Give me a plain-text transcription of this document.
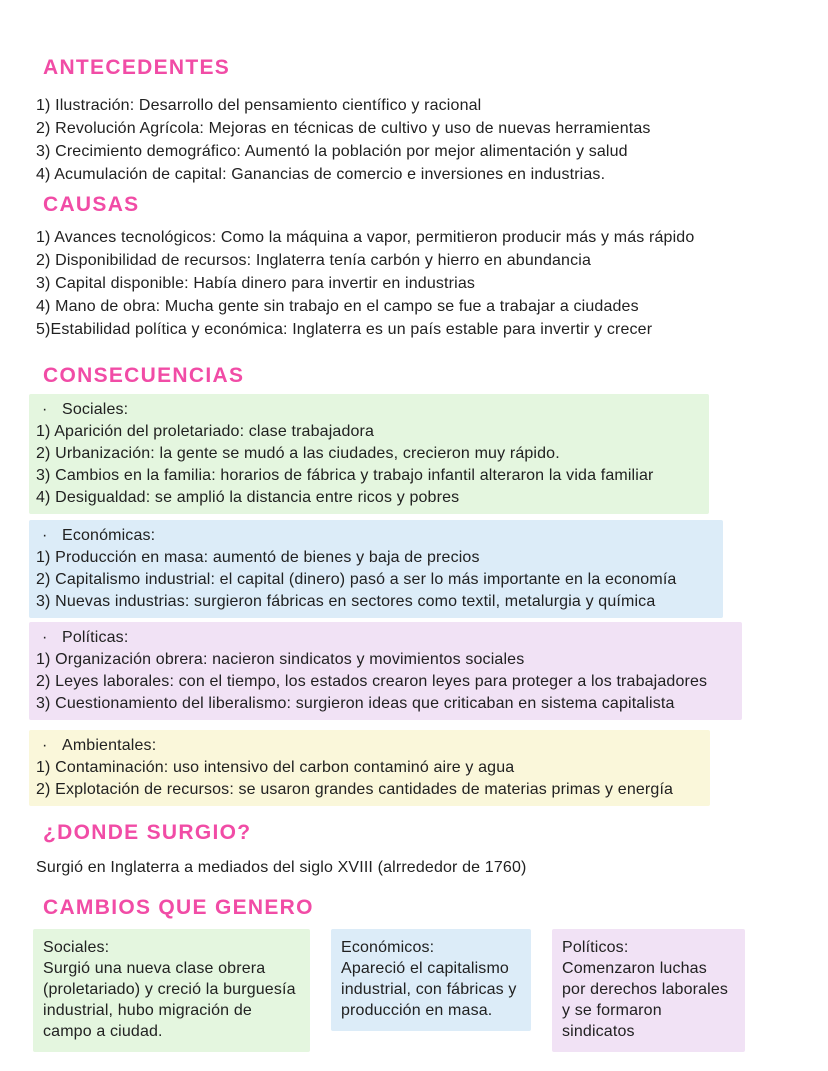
ANTECEDENTES
1) Ilustración: Desarrollo del pensamiento científico y racional
2) Revolución Agrícola: Mejoras en técnicas de cultivo y uso de nuevas herramientas
3) Crecimiento demográfico: Aumentó la población por mejor alimentación y salud
4) Acumulación de capital: Ganancias de comercio e inversiones en industrias.
CAUSAS
1) Avances tecnológicos: Como la máquina a vapor, permitieron producir más y más rápido
2) Disponibilidad de recursos: Inglaterra tenía carbón y hierro en abundancia
3) Capital disponible: Había dinero para invertir en industrias
4) Mano de obra: Mucha gente sin trabajo en el campo se fue a trabajar a ciudades
5)Estabilidad política y económica: Inglaterra es un país estable para invertir y crecer
CONSECUENCIAS
· Sociales:
1) Aparición del proletariado: clase trabajadora
2) Urbanización: la gente se mudó a las ciudades, crecieron muy rápido.
3) Cambios en la familia: horarios de fábrica y trabajo infantil alteraron la vida familiar
4) Desigualdad: se amplió la distancia entre ricos y pobres
· Económicas:
1) Producción en masa: aumentó de bienes y baja de precios
2) Capitalismo industrial: el capital (dinero) pasó a ser lo más importante en la economía
3) Nuevas industrias: surgieron fábricas en sectores como textil, metalurgia y química
· Políticas:
1) Organización obrera: nacieron sindicatos y movimientos sociales
2) Leyes laborales: con el tiempo, los estados crearon leyes para proteger a los trabajadores
3) Cuestionamiento del liberalismo: surgieron ideas que criticaban en sistema capitalista
· Ambientales:
1) Contaminación: uso intensivo del carbon contaminó aire y agua
2) Explotación de recursos: se usaron grandes cantidades de materias primas y energía
¿DONDE SURGIO?
Surgió en Inglaterra a mediados del siglo XVIII (alrrededor de 1760)
CAMBIOS QUE GENERO
Sociales:
Surgió una nueva clase obrera (proletariado) y creció la burguesía industrial, hubo migración de campo a ciudad.
Económicos:
Apareció el capitalismo industrial, con fábricas y producción en masa.
Políticos:
Comenzaron luchas por derechos laborales y se formaron sindicatos
